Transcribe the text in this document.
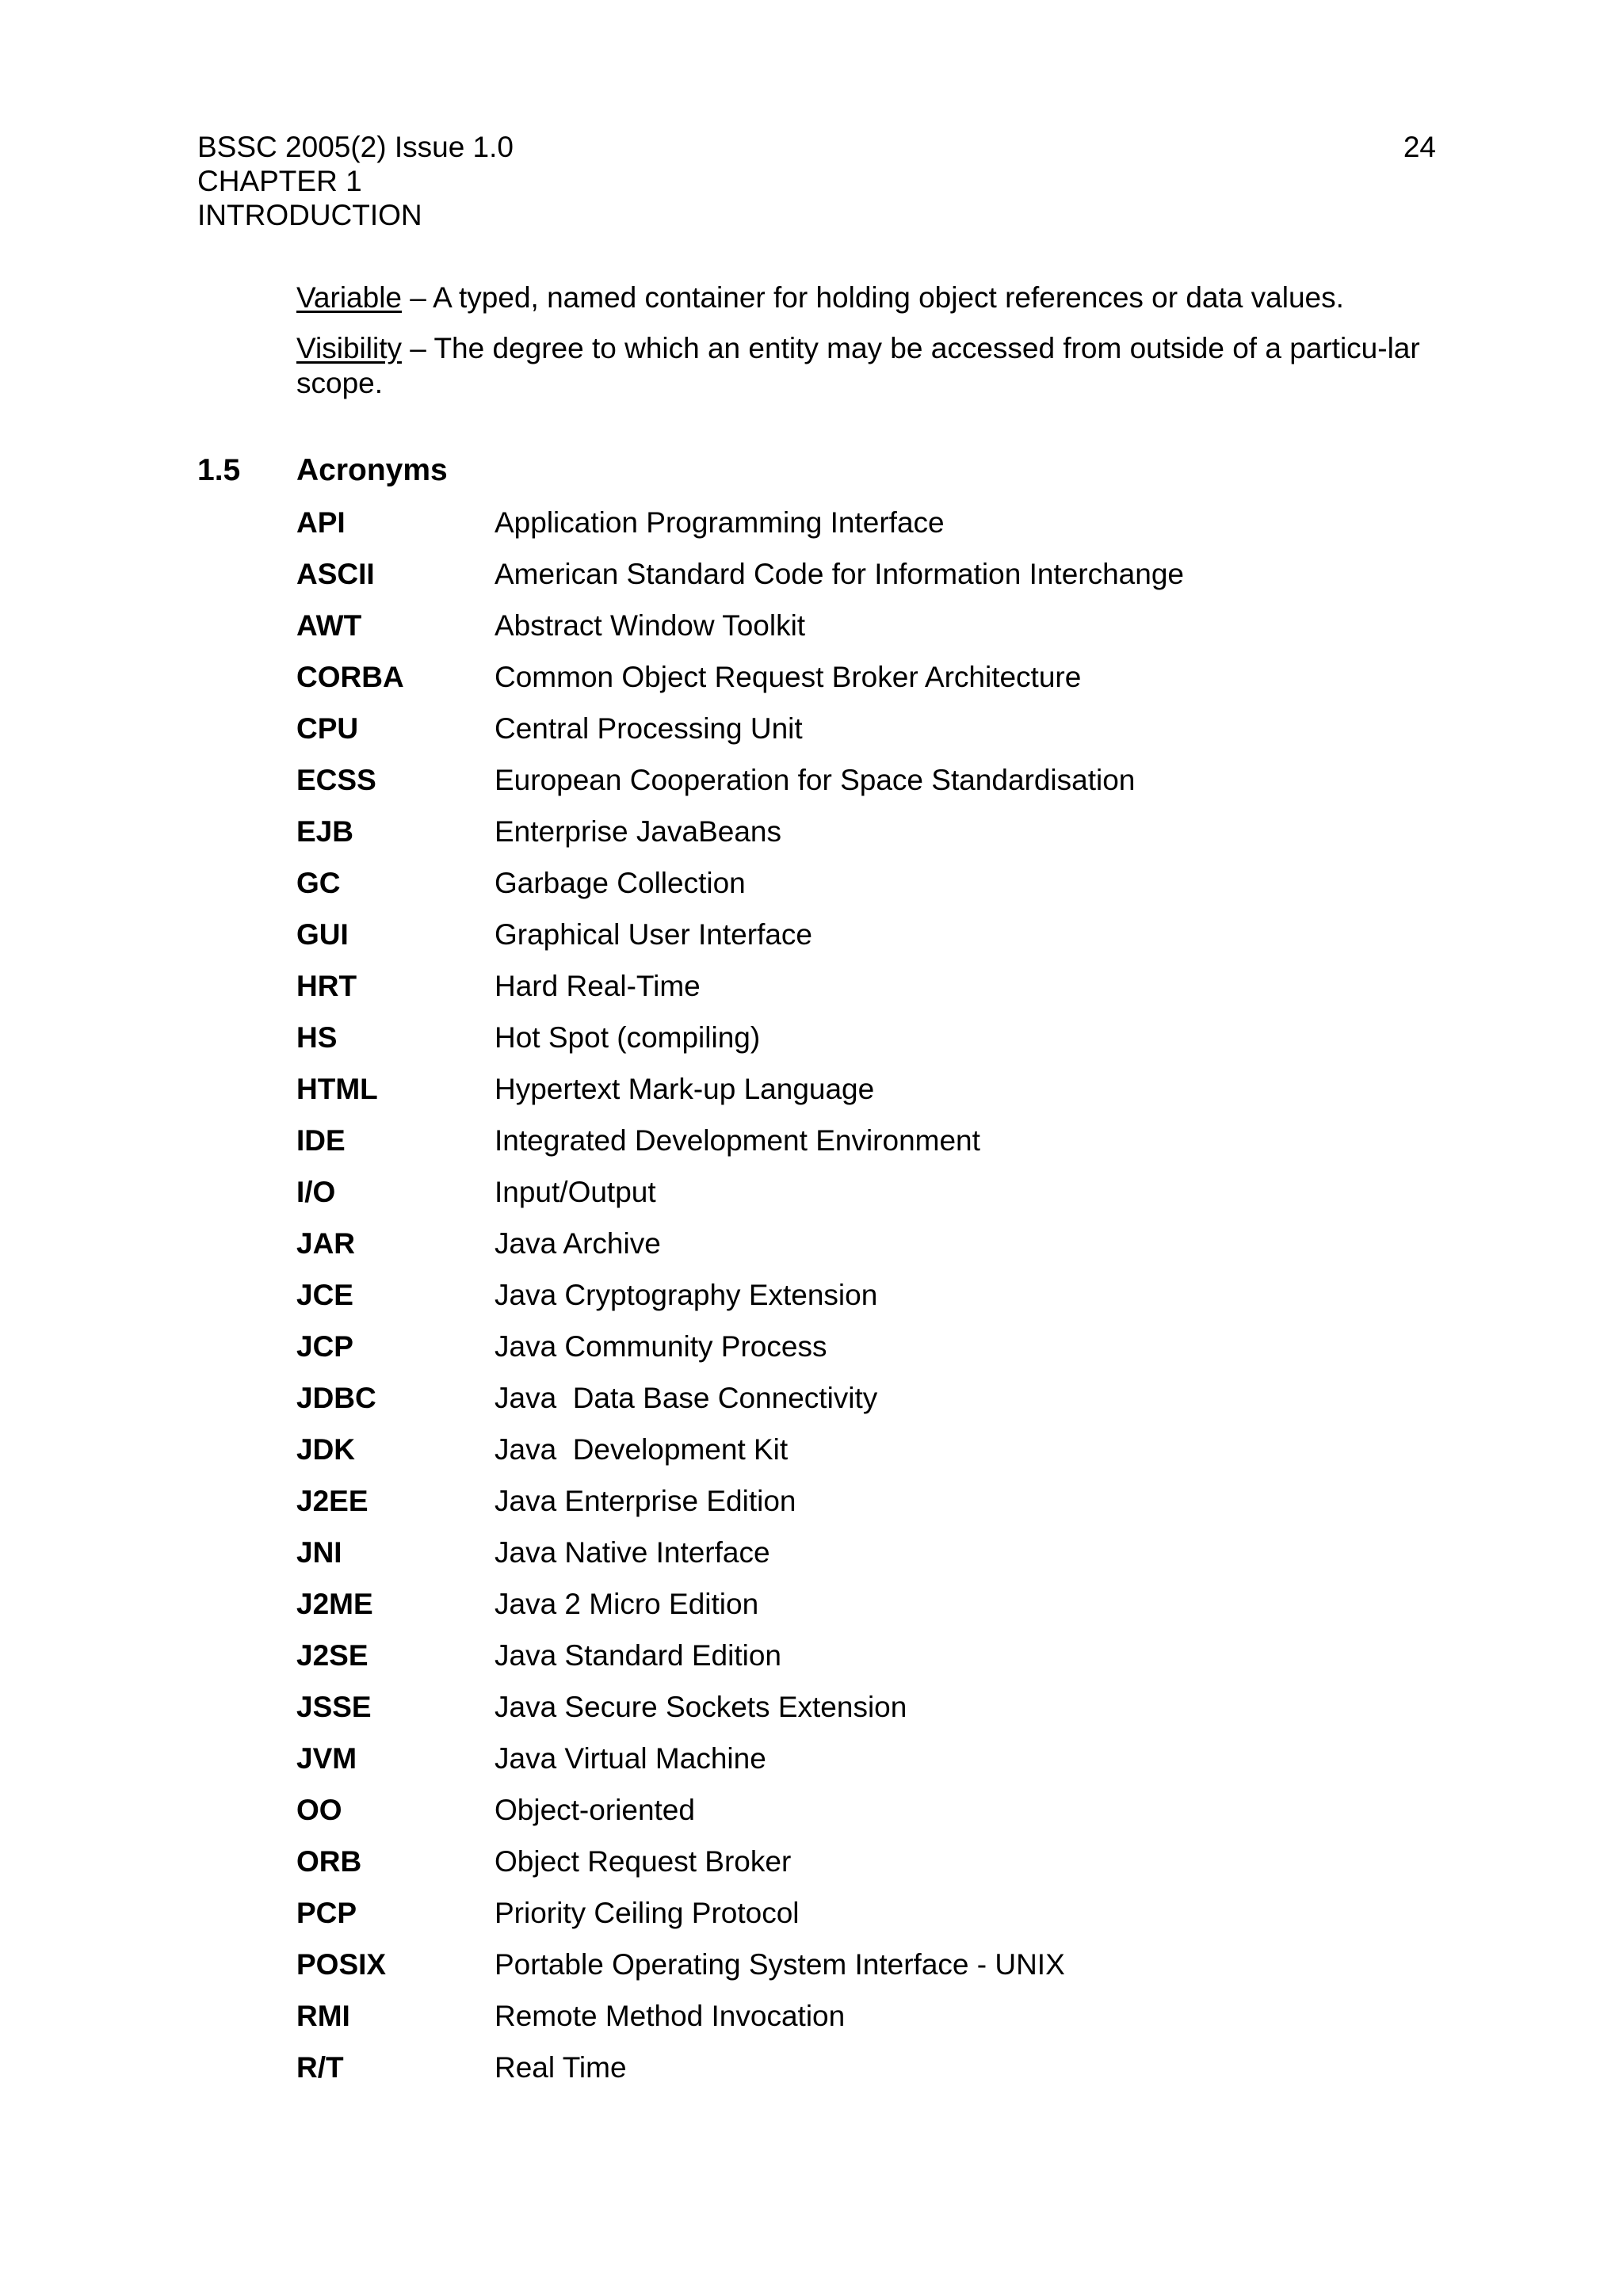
BSSC 2005(2) Issue 1.0
CHAPTER 1
INTRODUCTION
24

Variable – A typed, named container for holding object references or data values.

Visibility – The degree to which an entity may be accessed from outside of a particu-lar scope.

1.5 Acronyms
API	Application Programming Interface
ASCII	American Standard Code for Information Interchange
AWT	Abstract Window Toolkit
CORBA	Common Object Request Broker Architecture
CPU	Central Processing Unit
ECSS	European Cooperation for Space Standardisation
EJB	Enterprise JavaBeans
GC	Garbage Collection
GUI	Graphical User Interface
HRT	Hard Real-Time
HS	Hot Spot (compiling)
HTML	Hypertext Mark-up Language
IDE	Integrated Development Environment
I/O	Input/Output
JAR	Java Archive
JCE	Java Cryptography Extension
JCP	Java Community Process
JDBC	Java  Data Base Connectivity
JDK	Java  Development Kit
J2EE	Java Enterprise Edition
JNI	Java Native Interface
J2ME	Java 2 Micro Edition
J2SE	Java Standard Edition
JSSE	Java Secure Sockets Extension
JVM	Java Virtual Machine
OO	Object-oriented
ORB	Object Request Broker
PCP	Priority Ceiling Protocol
POSIX	Portable Operating System Interface - UNIX
RMI	Remote Method Invocation
R/T	Real Time
